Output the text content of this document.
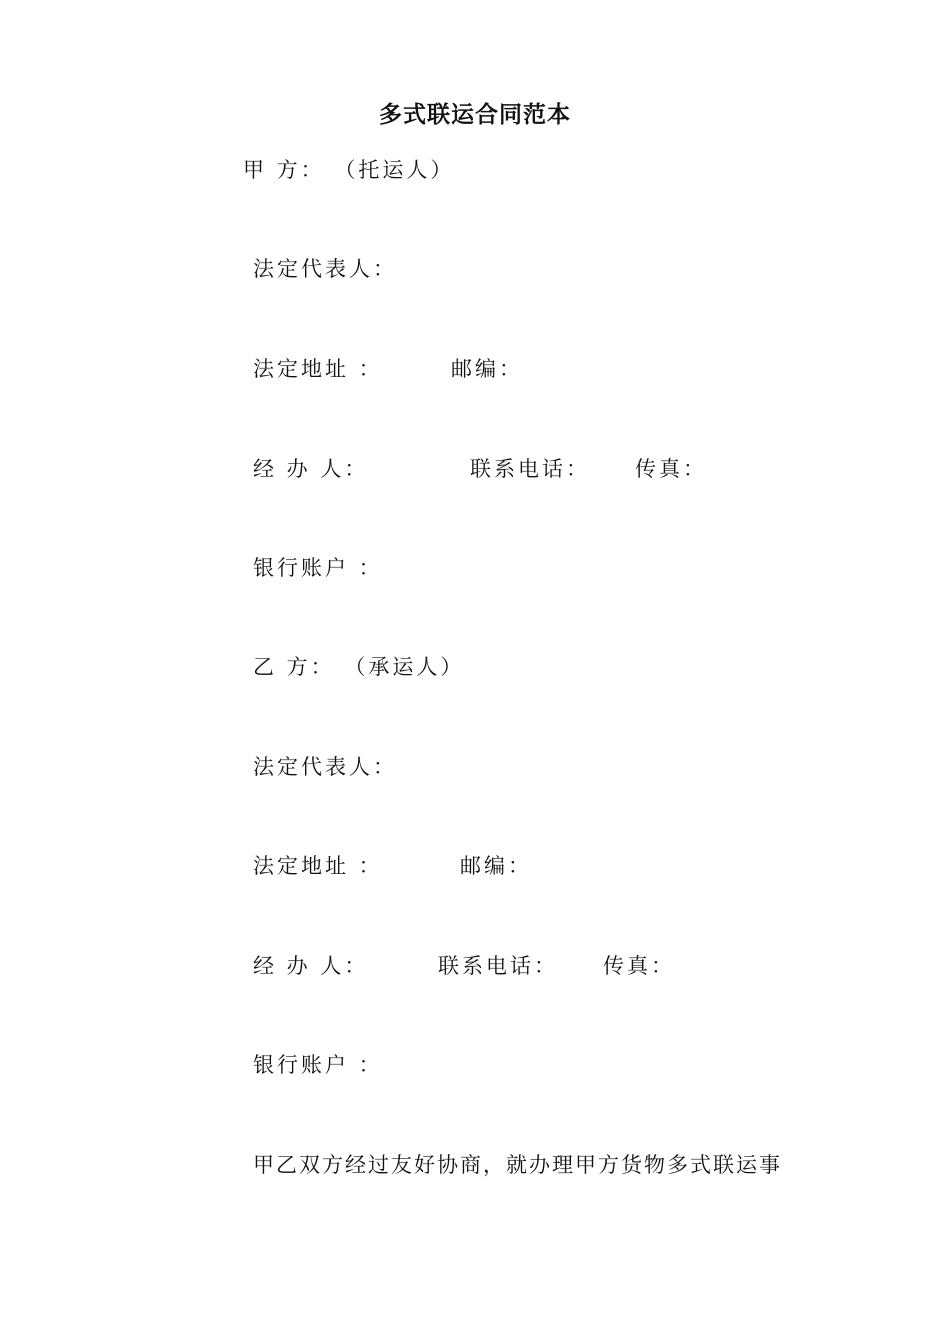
多式联运合同范本
甲 方： （托运人）
法定代表人：
法定地址 ：	邮编：
经 办 人：	联系电话： 传真：
银行账户 ：
乙 方： （承运人）
法定代表人：
法定地址 ：	邮编：
经 办 人：	联系电话： 传真：
银行账户 ：
甲乙双方经过友好协商，就办理甲方货物多式联运事
